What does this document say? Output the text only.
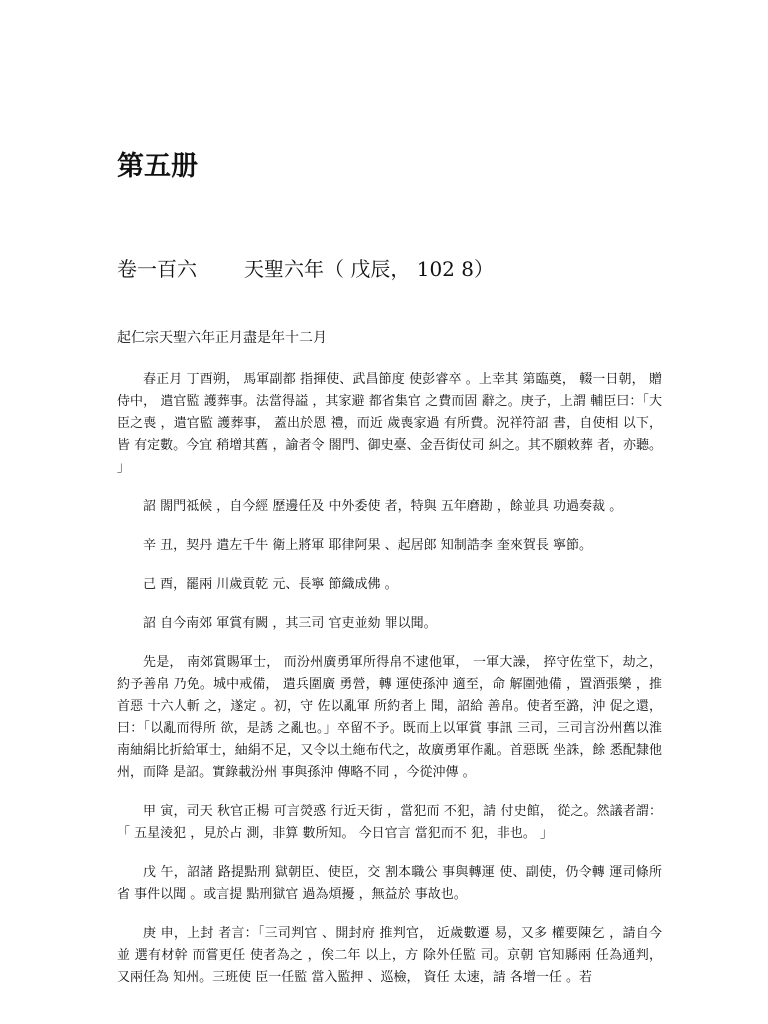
第五册
卷一百六 天聖六年（ 戊辰， 102 8）
起仁宗天聖六年正月盡是年十二月

春正月 丁酉朔， 馬軍副都 指揮使、武昌節度 使彭睿卒 。上幸其 第臨奠， 輟一日朝， 贈侍中， 遣官監 護葬事。法當得謚 ，其家避 都省集官 之費而固 辭之。庚子，上謂 輔臣曰：「大臣之喪 ，遣官監 護葬事， 蓋出於恩 禮，而近 歲喪家過 有所費。況祥符詔 書，自使相 以下，皆 有定數。今宜 稍增其舊 ，諭者令 閤門、御史臺、金吾街仗司 糾之。其不願敕葬 者，亦聽。 」

詔 閤門祗候 ，自今經 歷邊任及 中外委使 者，特與 五年磨勘 ，餘並具 功過奏裁 。

辛 丑，契丹 遣左千牛 衛上將軍 耶律阿果 、起居郎 知制誥李 奎來賀長 寧節。

己 酉，罷兩 川歲貢乾 元、長寧 節織成佛 。

詔 自今南郊 軍賞有闕 ，其三司 官吏並劾 罪以聞。

先是， 南郊賞賜軍士， 而汾州廣勇軍所得帛不逮他軍， 一軍大譟， 捽守佐堂下，劫之， 約予善帛 乃免。城中戒備， 遣兵圍廣 勇營，轉 運使孫沖 適至，命 解圍弛備 ，置酒張樂 ，推首惡 十六人斬 之，遂定 。初，守 佐以亂軍 所約者上 聞，詔給 善帛。使者至潞，沖 促之還， 曰：「以亂而得所 欲，是誘 之亂也。」卒留不予。既而上以軍賞 事訊 三司，三司言汾州舊以淮南紬絹比折給軍士，紬絹不足，又令以土絁布代之，故廣勇軍作亂。首惡既 坐誅，餘 悉配隸他 州，而降 是詔。實錄載汾州 事與孫沖 傳略不同 ，今從沖傳 。

甲 寅，司天 秋官正楊 可言熒惑 行近天街 ，當犯而 不犯，請 付史館， 從之。然議者謂：「 五星淩犯 ，見於占 測，非算 數所知。 今日官言 當犯而不 犯，非也。 」

戊 午，詔諸 路提點刑 獄朝臣、使臣，交 割本職公 事與轉運 使、副使，仍令轉 運司條所省 事件以聞 。或言提 點刑獄官 過為煩擾 ，無益於 事故也。

庚 申，上封 者言：「三司判官 、開封府 推判官， 近歲數遷 易，又多 權要陳乞 ，請自今並 選有材幹 而嘗更任 使者為之 ，俟二年 以上，方 除外任監 司。京朝 官知縣兩 任為通判， 又兩任為 知州。三班使 臣一任監 當入監押 、巡檢， 資任 太速，請 各增一任 。若
